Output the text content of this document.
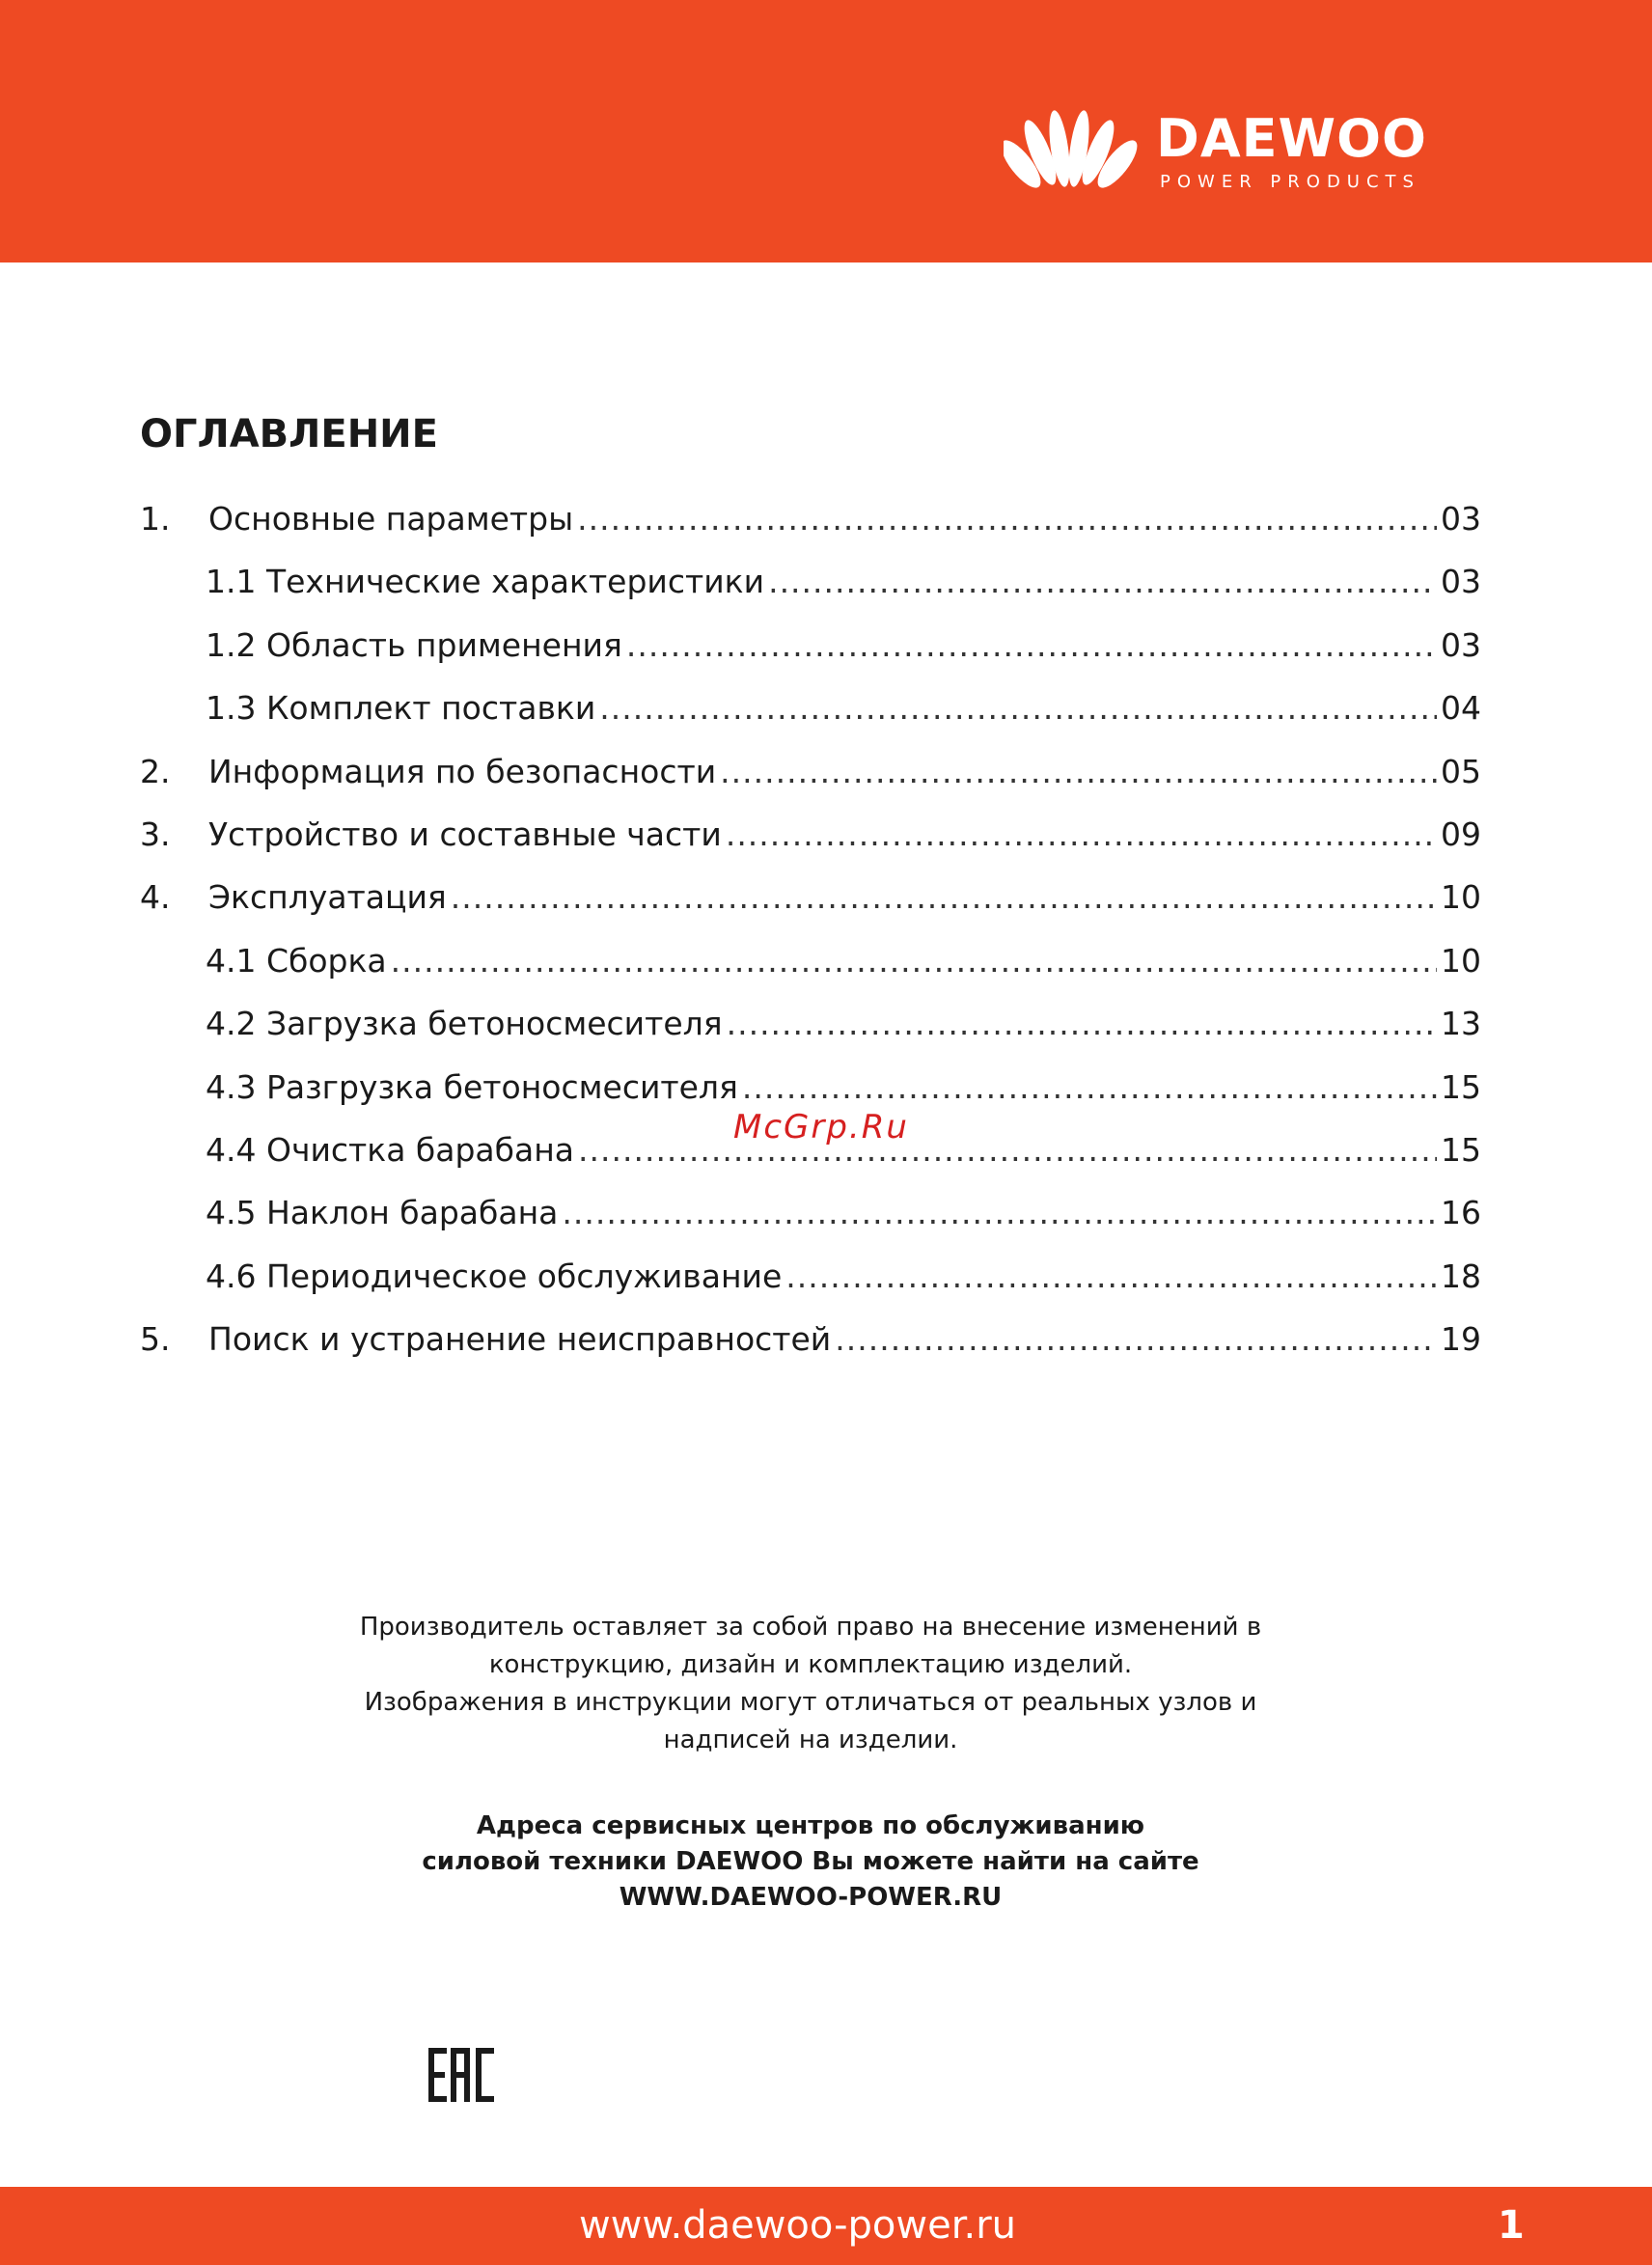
DAEWOO
POWER PRODUCTS
ОГЛАВЛЕНИЕ
1.	Основные параметры .....	03
1.1 Технические характеристики .....	03
1.2 Область применения .....	03
1.3 Комплект поставки .....	04
2.	Информация по безопасности .....	05
3.	Устройство и составные части .....	09
4.	Эксплуатация .....	10
4.1 Сборка .....	10
4.2 Загрузка бетоносмесителя .....	13
4.3 Разгрузка бетоносмесителя .....	15
4.4 Очистка барабана .....	15
4.5 Наклон барабана .....	16
4.6 Периодическое обслуживание .....	18
5.	Поиск и устранение неисправностей .....	19
McGrp.Ru

Производитель оставляет за собой право на внесение изменений в

конструкцию, дизайн и комплектацию изделий.

Изображения в инструкции могут отличаться от реальных узлов и

надписей на изделии.

Адреса сервисных центров по обслуживанию

силовой техники DAEWOO Вы можете найти на сайте

WWW.DAEWOO-POWER.RU

www.daewoo-power.ru	1
